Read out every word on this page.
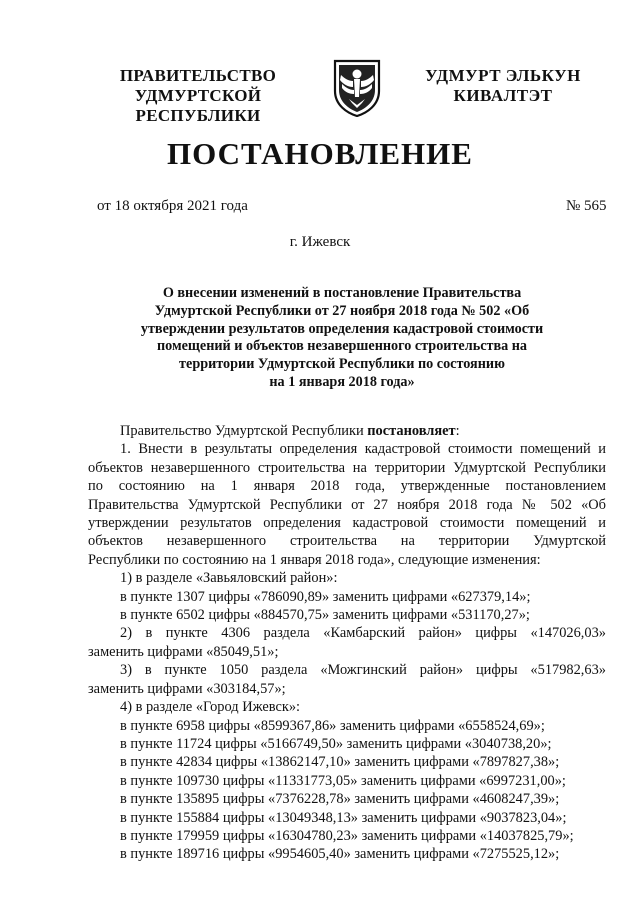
ПРАВИТЕЛЬСТВО
УДМУРТСКОЙ РЕСПУБЛИКИ
УДМУРТ ЭЛЬКУН
КИВАЛТЭТ
ПОСТАНОВЛЕНИЕ
от 18 октября 2021 года	№ 565
г. Ижевск
О внесении изменений в постановление Правительства
Удмуртской Республики от 27 ноября 2018 года № 502 «Об
утверждении результатов определения кадастровой стоимости
помещений и объектов незавершенного строительства на
территории Удмуртской Республики по состоянию
на 1 января 2018 года»

Правительство Удмуртской Республики постановляет:

1. Внести в результаты определения кадастровой стоимости помещений и
объектов незавершенного строительства на территории Удмуртской Республики
по состоянию на 1 января 2018 года, утвержденные постановлением
Правительства Удмуртской Республики от 27 ноября 2018 года № 502 «Об
утверждении результатов определения кадастровой стоимости помещений и
объектов незавершенного строительства на территории Удмуртской
Республики по состоянию на 1 января 2018 года», следующие изменения:
1) в разделе «Завьяловский район»:
в пункте 1307 цифры «786090,89» заменить цифрами «627379,14»;
в пункте 6502 цифры «884570,75» заменить цифрами «531170,27»;
2) в пункте 4306 раздела «Камбарский район» цифры «147026,03»
заменить цифрами «85049,51»;
3) в пункте 1050 раздела «Можгинский район» цифры «517982,63»
заменить цифрами «303184,57»;
4) в разделе «Город Ижевск»:
в пункте 6958 цифры «8599367,86» заменить цифрами «6558524,69»;
в пункте 11724 цифры «5166749,50» заменить цифрами «3040738,20»;
в пункте 42834 цифры «13862147,10» заменить цифрами «7897827,38»;
в пункте 109730 цифры «11331773,05» заменить цифрами «6997231,00»;
в пункте 135895 цифры «7376228,78» заменить цифрами «4608247,39»;
в пункте 155884 цифры «13049348,13» заменить цифрами «9037823,04»;
в пункте 179959 цифры «16304780,23» заменить цифрами «14037825,79»;
в пункте 189716 цифры «9954605,40» заменить цифрами «7275525,12»;
